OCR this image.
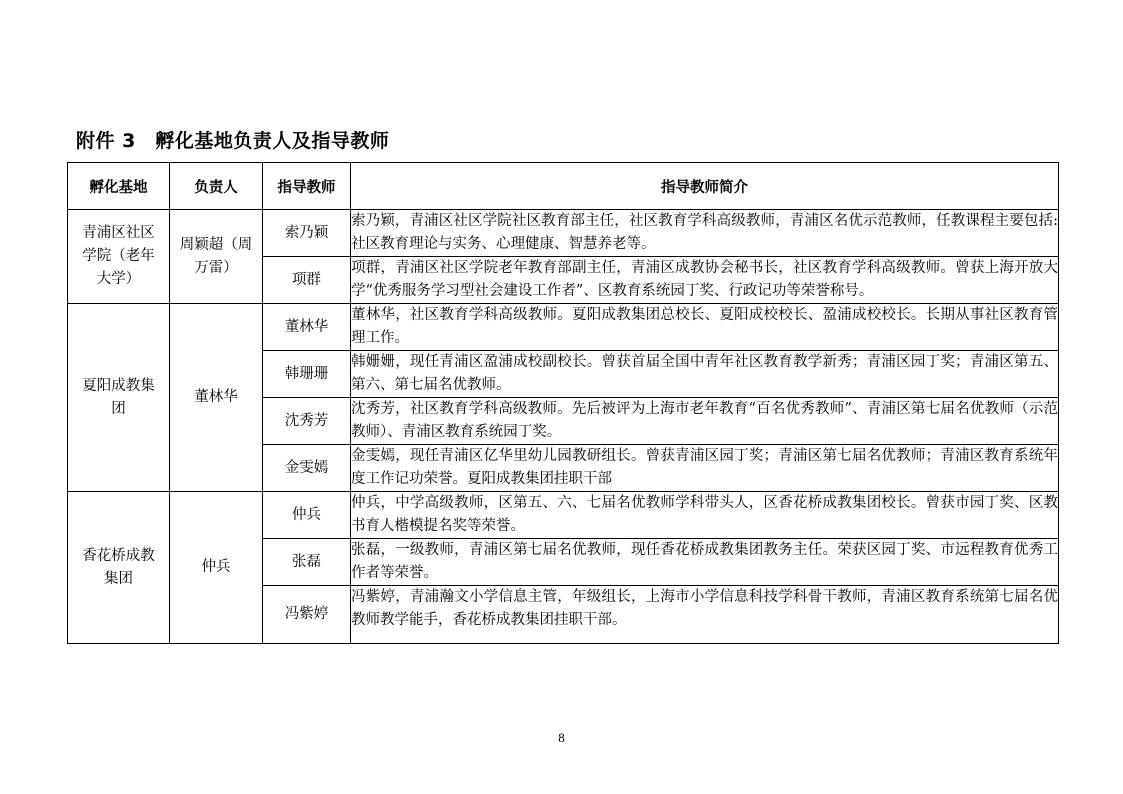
附件 3　孵化基地负责人及指导教师
孵化基地	负责人	指导教师	指导教师简介

青浦区社区学院（老年大学）	周颖超（周万雷）	索乃颖	索乃颖，青浦区社区学院社区教育部主任，社区教育学科高级教师，青浦区名优示范教师，任教课程主要包括:社区教育理论与实务、心理健康、智慧养老等。
		项群	项群，青浦区社区学院老年教育部副主任，青浦区成教协会秘书长，社区教育学科高级教师。曾获上海开放大学“优秀服务学习型社会建设工作者”、区教育系统园丁奖、行政记功等荣誉称号。

夏阳成教集团	董林华	董林华	董林华，社区教育学科高级教师。夏阳成教集团总校长、夏阳成校校长、盈浦成校校长。长期从事社区教育管理工作。
		韩珊珊	韩姗姗，现任青浦区盈浦成校副校长。曾获首届全国中青年社区教育教学新秀；青浦区园丁奖；青浦区第五、第六、第七届名优教师。
		沈秀芳	沈秀芳，社区教育学科高级教师。先后被评为上海市老年教育“百名优秀教师”、青浦区第七届名优教师（示范教师）、青浦区教育系统园丁奖。
		金雯嫣	金雯嫣，现任青浦区亿华里幼儿园教研组长。曾获青浦区园丁奖；青浦区第七届名优教师；青浦区教育系统年度工作记功荣誉。夏阳成教集团挂职干部

香花桥成教集团	仲兵	仲兵	仲兵，中学高级教师，区第五、六、七届名优教师学科带头人，区香花桥成教集团校长。曾获市园丁奖、区教书育人楷模提名奖等荣誉。
		张磊	张磊，一级教师，青浦区第七届名优教师，现任香花桥成教集团教务主任。荣获区园丁奖、市远程教育优秀工作者等荣誉。
		冯紫婷	冯紫婷，青浦瀚文小学信息主管，年级组长，上海市小学信息科技学科骨干教师，青浦区教育系统第七届名优教师教学能手，香花桥成教集团挂职干部。
8
